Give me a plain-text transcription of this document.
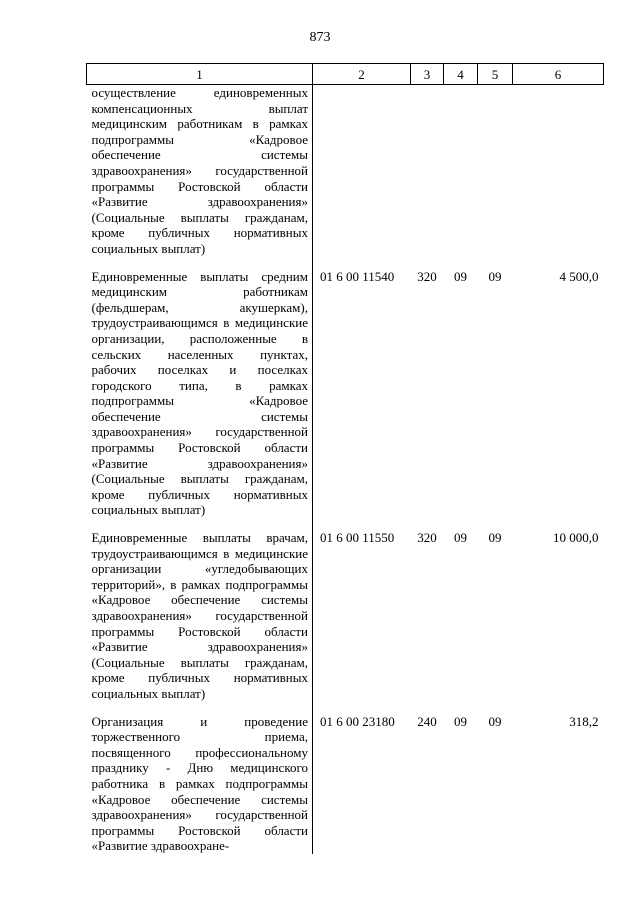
873
1	2	3	4	5	6
осуществление единовременных компенсационных выплат медицинским работникам в рамках подпрограммы «Кадровое обеспечение системы здравоохранения» государственной программы Ростовской области «Развитие здравоохранения» (Социальные выплаты гражданам, кроме публичных нормативных социальных выплат)					
Единовременные выплаты средним медицинским работникам (фельдшерам, акушеркам), трудоустраивающимся в медицинские организации, расположенные в сельских населенных пунктах, рабочих поселках и поселках городского типа, в рамках подпрограммы «Кадровое обеспечение системы здравоохранения» государственной программы Ростовской области «Развитие здравоохранения» (Социальные выплаты гражданам, кроме публичных нормативных социальных выплат)	01 6 00 11540	320	09	09	4 500,0
Единовременные выплаты врачам, трудоустраивающимся в медицинские организации «угледобывающих территорий», в рамках подпрограммы «Кадровое обеспечение системы здравоохранения» государственной программы Ростовской области «Развитие здравоохранения» (Социальные выплаты гражданам, кроме публичных нормативных социальных выплат)	01 6 00 11550	320	09	09	10 000,0
Организация и проведение торжественного приема, посвященного профессиональному празднику - Дню медицинского работника в рамках подпрограммы «Кадровое обеспечение системы здравоохранения» государственной программы Ростовской области «Развитие здравоохране-	01 6 00 23180	240	09	09	318,2
